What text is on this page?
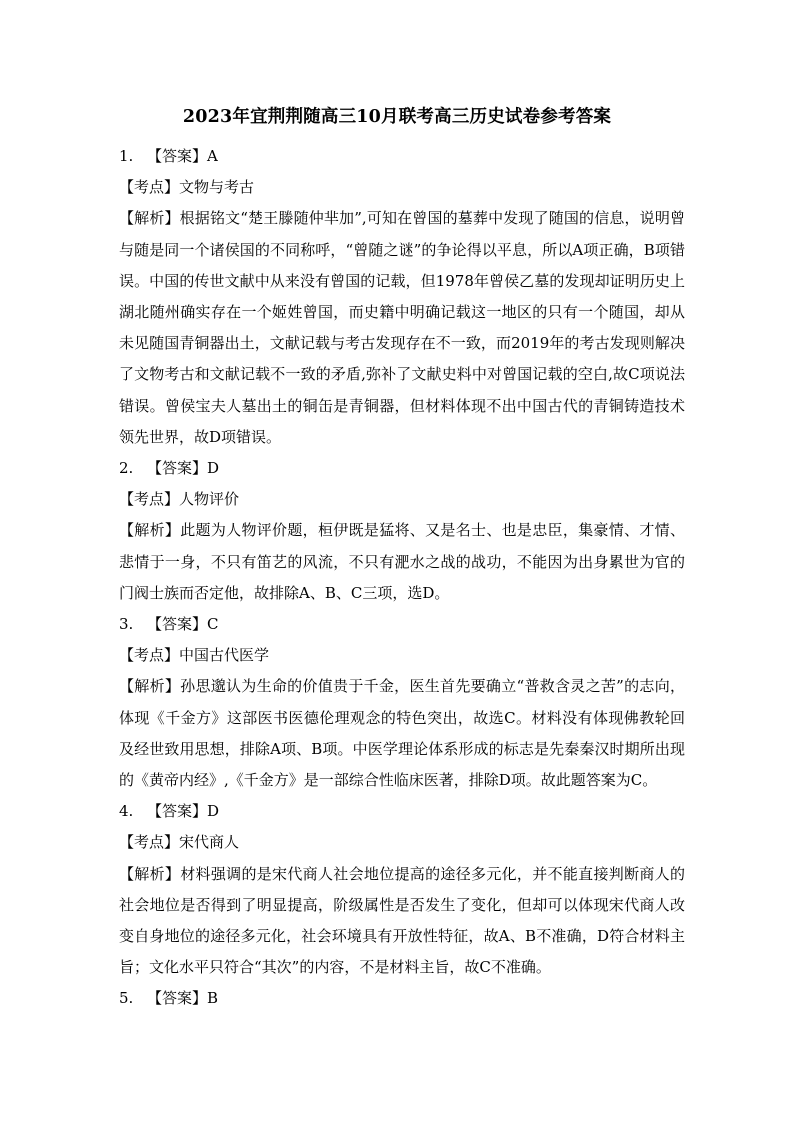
2023年宜荆荆随高三10月联考高三历史试卷参考答案

1. 【答案】A

【考点】文物与考古

【解析】根据铭文“楚王滕随仲芈加”,可知在曾国的墓葬中发现了随国的信息，说明曾与随是同一个诸侯国的不同称呼，“曾随之谜”的争论得以平息，所以A项正确，B项错误。中国的传世文献中从来没有曾国的记载，但1978年曾侯乙墓的发现却证明历史上湖北随州确实存在一个姬姓曾国，而史籍中明确记载这一地区的只有一个随国，却从未见随国青铜器出土，文献记载与考古发现存在不一致，而2019年的考古发现则解决了文物考古和文献记载不一致的矛盾,弥补了文献史料中对曾国记载的空白,故C项说法错误。曾侯宝夫人墓出土的铜缶是青铜器，但材料体现不出中国古代的青铜铸造技术领先世界，故D项错误。

2. 【答案】D

【考点】人物评价

【解析】此题为人物评价题，桓伊既是猛将、又是名士、也是忠臣，集豪情、才情、悲情于一身，不只有笛艺的风流，不只有淝水之战的战功，不能因为出身累世为官的门阀士族而否定他，故排除A、B、C三项，选D。

3. 【答案】C

【考点】中国古代医学

【解析】孙思邈认为生命的价值贵于千金，医生首先要确立“普救含灵之苦”的志向，体现《千金方》这部医书医德伦理观念的特色突出，故选C。材料没有体现佛教轮回及经世致用思想，排除A项、B项。中医学理论体系形成的标志是先秦秦汉时期所出现的《黄帝内经》,《千金方》是一部综合性临床医著，排除D项。故此题答案为C。

4. 【答案】D

【考点】宋代商人

【解析】材料强调的是宋代商人社会地位提高的途径多元化，并不能直接判断商人的社会地位是否得到了明显提高，阶级属性是否发生了变化，但却可以体现宋代商人改变自身地位的途径多元化，社会环境具有开放性特征，故A、B不准确，D符合材料主旨；文化水平只符合“其次”的内容，不是材料主旨，故C不准确。

5. 【答案】B
